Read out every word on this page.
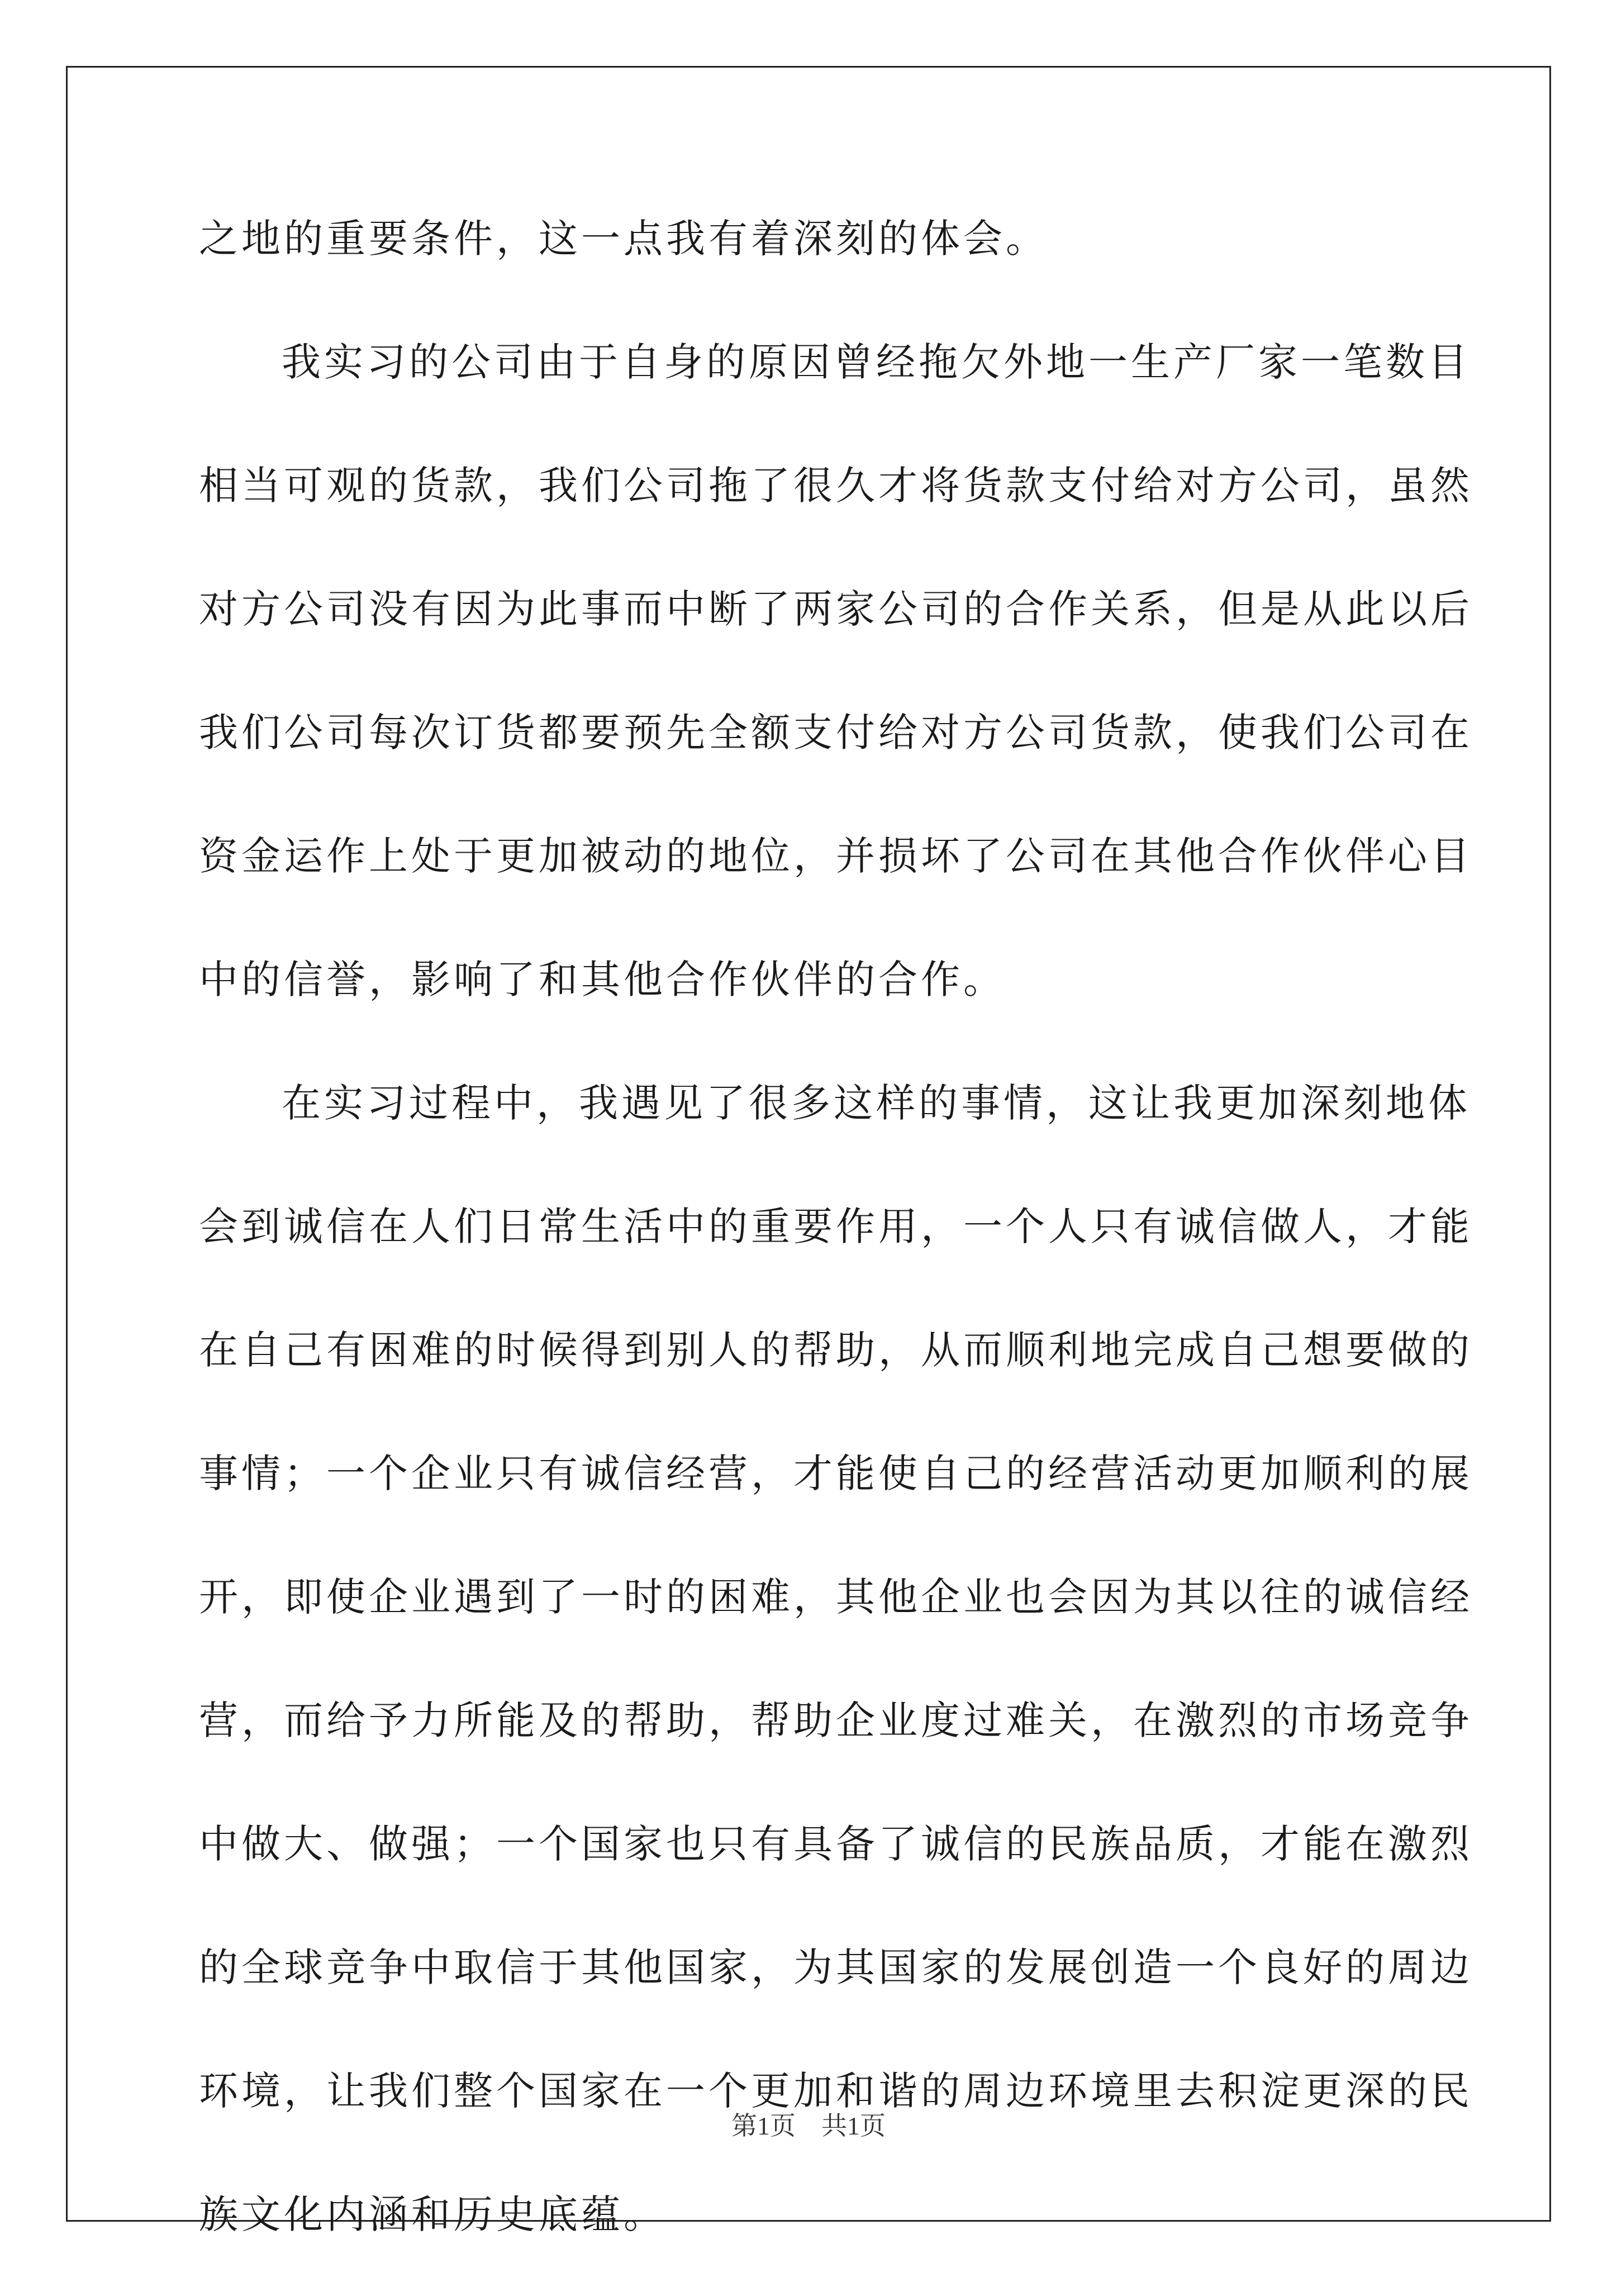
之地的重要条件，这一点我有着深刻的体会。
我实习的公司由于自身的原因曾经拖欠外地一生产厂家一笔数目
相当可观的货款，我们公司拖了很久才将货款支付给对方公司，虽然
对方公司没有因为此事而中断了两家公司的合作关系，但是从此以后
我们公司每次订货都要预先全额支付给对方公司货款，使我们公司在
资金运作上处于更加被动的地位，并损坏了公司在其他合作伙伴心目
中的信誉，影响了和其他合作伙伴的合作。
在实习过程中，我遇见了很多这样的事情，这让我更加深刻地体
会到诚信在人们日常生活中的重要作用，一个人只有诚信做人，才能
在自己有困难的时候得到别人的帮助，从而顺利地完成自己想要做的
事情；一个企业只有诚信经营，才能使自己的经营活动更加顺利的展
开，即使企业遇到了一时的困难，其他企业也会因为其以往的诚信经
营，而给予力所能及的帮助，帮助企业度过难关，在激烈的市场竞争
中做大、做强；一个国家也只有具备了诚信的民族品质，才能在激烈
的全球竞争中取信于其他国家，为其国家的发展创造一个良好的周边
环境，让我们整个国家在一个更加和谐的周边环境里去积淀更深的民
族文化内涵和历史底蕴。
第1页　共1页
